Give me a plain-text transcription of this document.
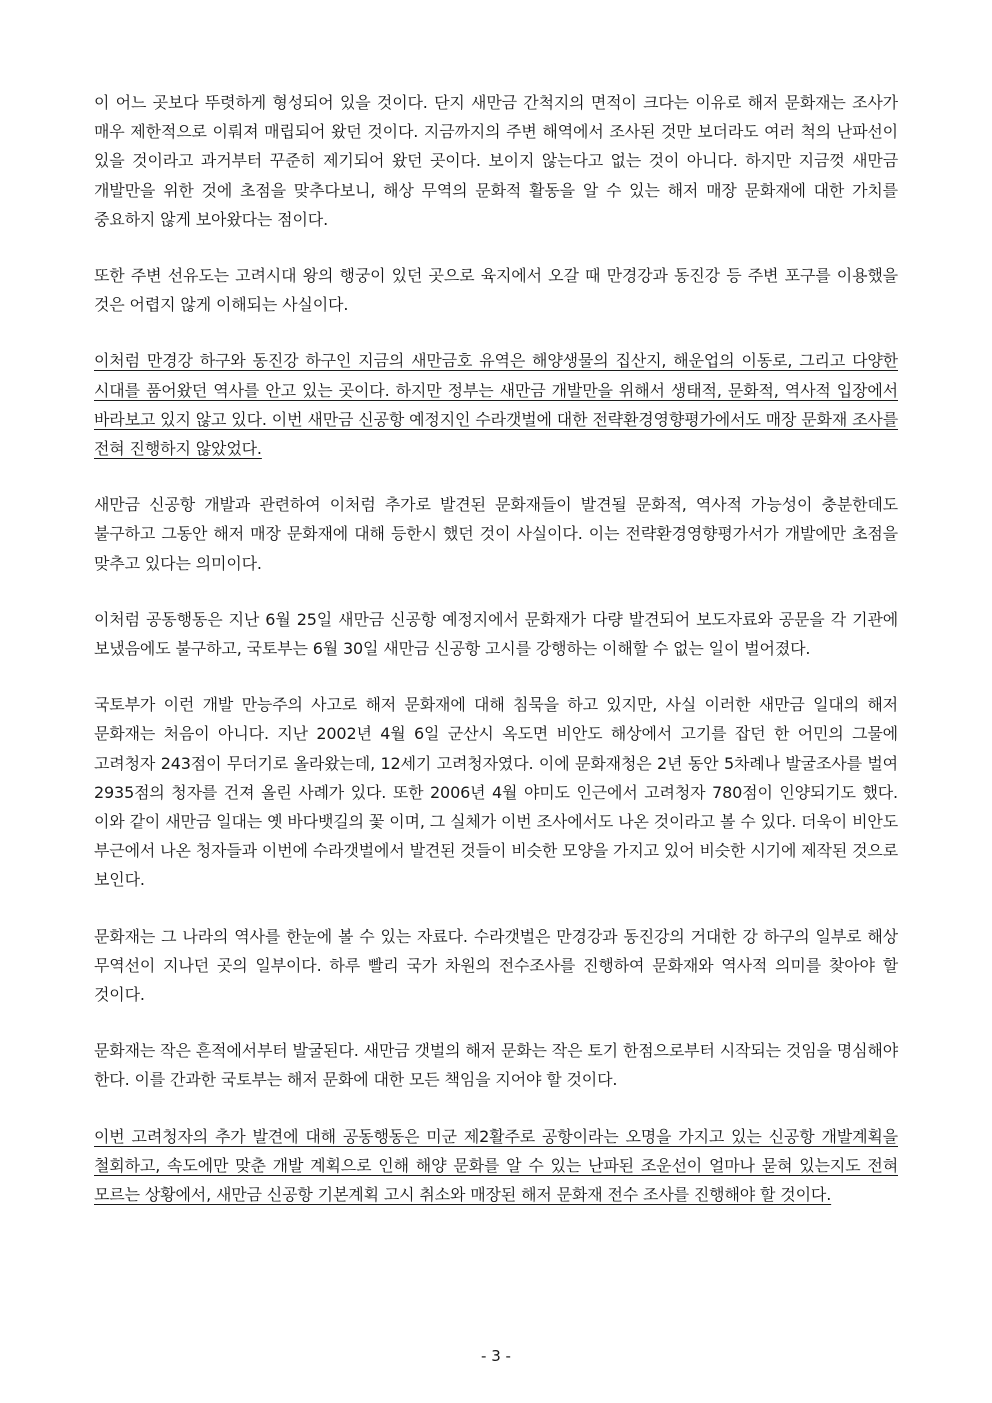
이 어느 곳보다 뚜렷하게 형성되어 있을 것이다. 단지 새만금 간척지의 면적이 크다는 이유로 해저 문화재는 조사가 매우 제한적으로 이뤄져 매립되어 왔던 것이다. 지금까지의 주변 해역에서 조사된 것만 보더라도 여러 척의 난파선이 있을 것이라고 과거부터 꾸준히 제기되어 왔던 곳이다. 보이지 않는다고 없는 것이 아니다. 하지만 지금껏 새만금 개발만을 위한 것에 초점을 맞추다보니, 해상 무역의 문화적 활동을 알 수 있는 해저 매장 문화재에 대한 가치를 중요하지 않게 보아왔다는 점이다.

또한 주변 선유도는 고려시대 왕의 행궁이 있던 곳으로 육지에서 오갈 때 만경강과 동진강 등 주변 포구를 이용했을 것은 어렵지 않게 이해되는 사실이다.

이처럼 만경강 하구와 동진강 하구인 지금의 새만금호 유역은 해양생물의 집산지, 해운업의 이동로, 그리고 다양한 시대를 품어왔던 역사를 안고 있는 곳이다. 하지만 정부는 새만금 개발만을 위해서 생태적, 문화적, 역사적 입장에서 바라보고 있지 않고 있다. 이번 새만금 신공항 예정지인 수라갯벌에 대한 전략환경영향평가에서도 매장 문화재 조사를 전혀 진행하지 않았었다.

새만금 신공항 개발과 관련하여 이처럼 추가로 발견된 문화재들이 발견될 문화적, 역사적 가능성이 충분한데도 불구하고 그동안 해저 매장 문화재에 대해 등한시 했던 것이 사실이다. 이는 전략환경영향평가서가 개발에만 초점을 맞추고 있다는 의미이다.

이처럼 공동행동은 지난 6월 25일 새만금 신공항 예정지에서 문화재가 다량 발견되어 보도자료와 공문을 각 기관에 보냈음에도 불구하고, 국토부는 6월 30일 새만금 신공항 고시를 강행하는 이해할 수 없는 일이 벌어졌다.

국토부가 이런 개발 만능주의 사고로 해저 문화재에 대해 침묵을 하고 있지만, 사실 이러한 새만금 일대의 해저 문화재는 처음이 아니다. 지난 2002년 4월 6일 군산시 옥도면 비안도 해상에서 고기를 잡던 한 어민의 그물에 고려청자 243점이 무더기로 올라왔는데, 12세기 고려청자였다. 이에 문화재청은 2년 동안 5차례나 발굴조사를 벌여 2935점의 청자를 건져 올린 사례가 있다. 또한 2006년 4월 야미도 인근에서 고려청자 780점이 인양되기도 했다. 이와 같이 새만금 일대는 옛 바다뱃길의 꽃 이며, 그 실체가 이번 조사에서도 나온 것이라고 볼 수 있다. 더욱이 비안도 부근에서 나온 청자들과 이번에 수라갯벌에서 발견된 것들이 비슷한 모양을 가지고 있어 비슷한 시기에 제작된 것으로 보인다.

문화재는 그 나라의 역사를 한눈에 볼 수 있는 자료다. 수라갯벌은 만경강과 동진강의 거대한 강 하구의 일부로 해상 무역선이 지나던 곳의 일부이다. 하루 빨리 국가 차원의 전수조사를 진행하여 문화재와 역사적 의미를 찾아야 할 것이다.

문화재는 작은 흔적에서부터 발굴된다. 새만금 갯벌의 해저 문화는 작은 토기 한점으로부터 시작되는 것임을 명심해야 한다. 이를 간과한 국토부는 해저 문화에 대한 모든 책임을 지어야 할 것이다.

이번 고려청자의 추가 발견에 대해 공동행동은 미군 제2활주로 공항이라는 오명을 가지고 있는 신공항 개발계획을 철회하고, 속도에만 맞춘 개발 계획으로 인해 해양 문화를 알 수 있는 난파된 조운선이 얼마나 묻혀 있는지도 전혀 모르는 상황에서, 새만금 신공항 기본계획 고시 취소와 매장된 해저 문화재 전수 조사를 진행해야 할 것이다.

- 3 -
